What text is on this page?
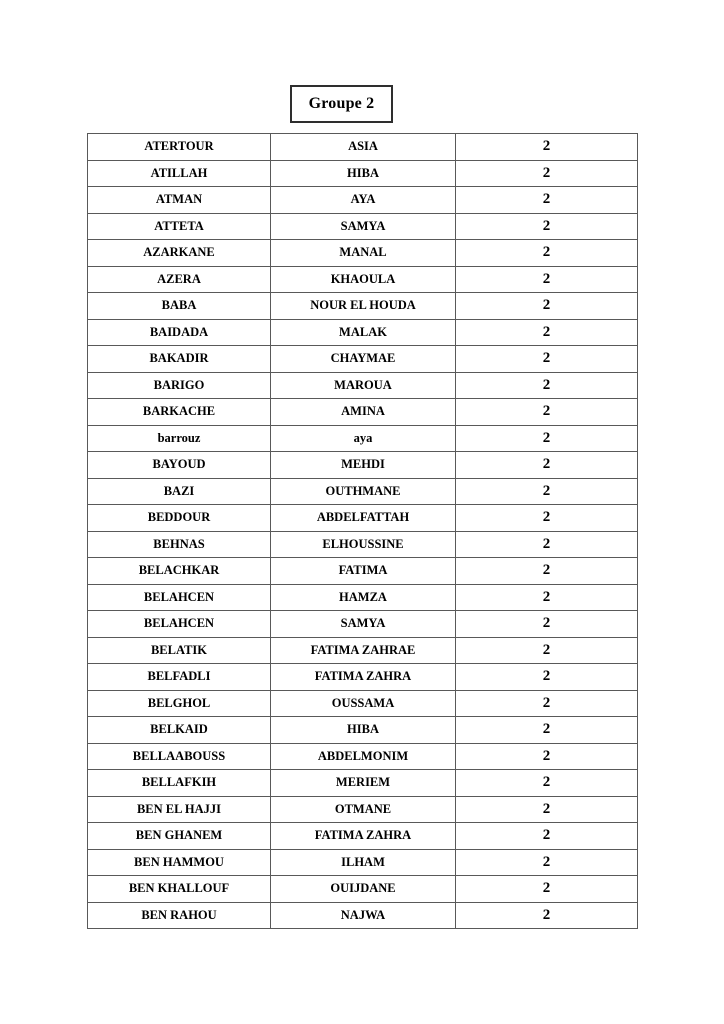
Groupe 2
ATERTOUR	ASIA	2
ATILLAH	HIBA	2
ATMAN	AYA	2
ATTETA	SAMYA	2
AZARKANE	MANAL	2
AZERA	KHAOULA	2
BABA	NOUR EL HOUDA	2
BAIDADA	MALAK	2
BAKADIR	CHAYMAE	2
BARIGO	MAROUA	2
BARKACHE	AMINA	2
barrouz	aya	2
BAYOUD	MEHDI	2
BAZI	OUTHMANE	2
BEDDOUR	ABDELFATTAH	2
BEHNAS	ELHOUSSINE	2
BELACHKAR	FATIMA	2
BELAHCEN	HAMZA	2
BELAHCEN	SAMYA	2
BELATIK	FATIMA ZAHRAE	2
BELFADLI	FATIMA ZAHRA	2
BELGHOL	OUSSAMA	2
BELKAID	HIBA	2
BELLAABOUSS	ABDELMONIM	2
BELLAFKIH	MERIEM	2
BEN EL HAJJI	OTMANE	2
BEN GHANEM	FATIMA ZAHRA	2
BEN HAMMOU	ILHAM	2
BEN KHALLOUF	OUIJDANE	2
BEN RAHOU	NAJWA	2
